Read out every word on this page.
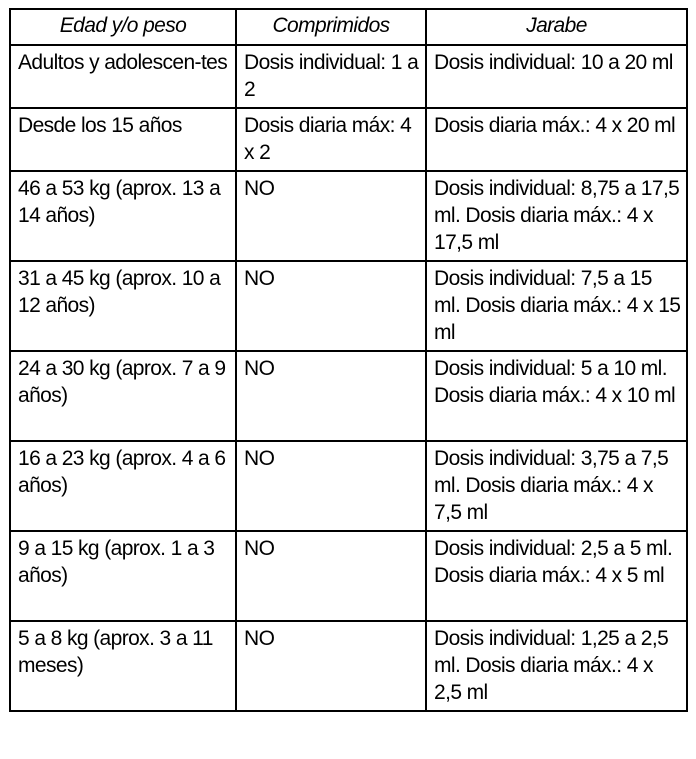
Edad y/o peso	Comprimidos	Jarabe
Adultos y adolescen-tes	Dosis individual: 1 a 2	Dosis individual: 10 a 20 ml
Desde los 15 años	Dosis diaria máx: 4 x 2	Dosis diaria máx.: 4 x 20 ml
46 a 53 kg (aprox. 13 a 14 años)	NO	Dosis individual: 8,75 a 17,5 ml. Dosis diaria máx.: 4 x 17,5 ml
31 a 45 kg (aprox. 10 a 12 años)	NO	Dosis individual: 7,5 a 15 ml. Dosis diaria máx.: 4 x 15 ml
24 a 30 kg (aprox. 7 a 9 años)	NO	Dosis individual: 5 a 10 ml. Dosis diaria máx.: 4 x 10 ml
16 a 23 kg (aprox. 4 a 6 años)	NO	Dosis individual: 3,75 a 7,5 ml. Dosis diaria máx.: 4 x 7,5 ml
9 a 15 kg (aprox. 1 a 3 años)	NO	Dosis individual: 2,5 a 5 ml. Dosis diaria máx.: 4 x 5 ml
5 a 8 kg (aprox. 3 a 11 meses)	NO	Dosis individual: 1,25 a 2,5 ml. Dosis diaria máx.: 4 x 2,5 ml
